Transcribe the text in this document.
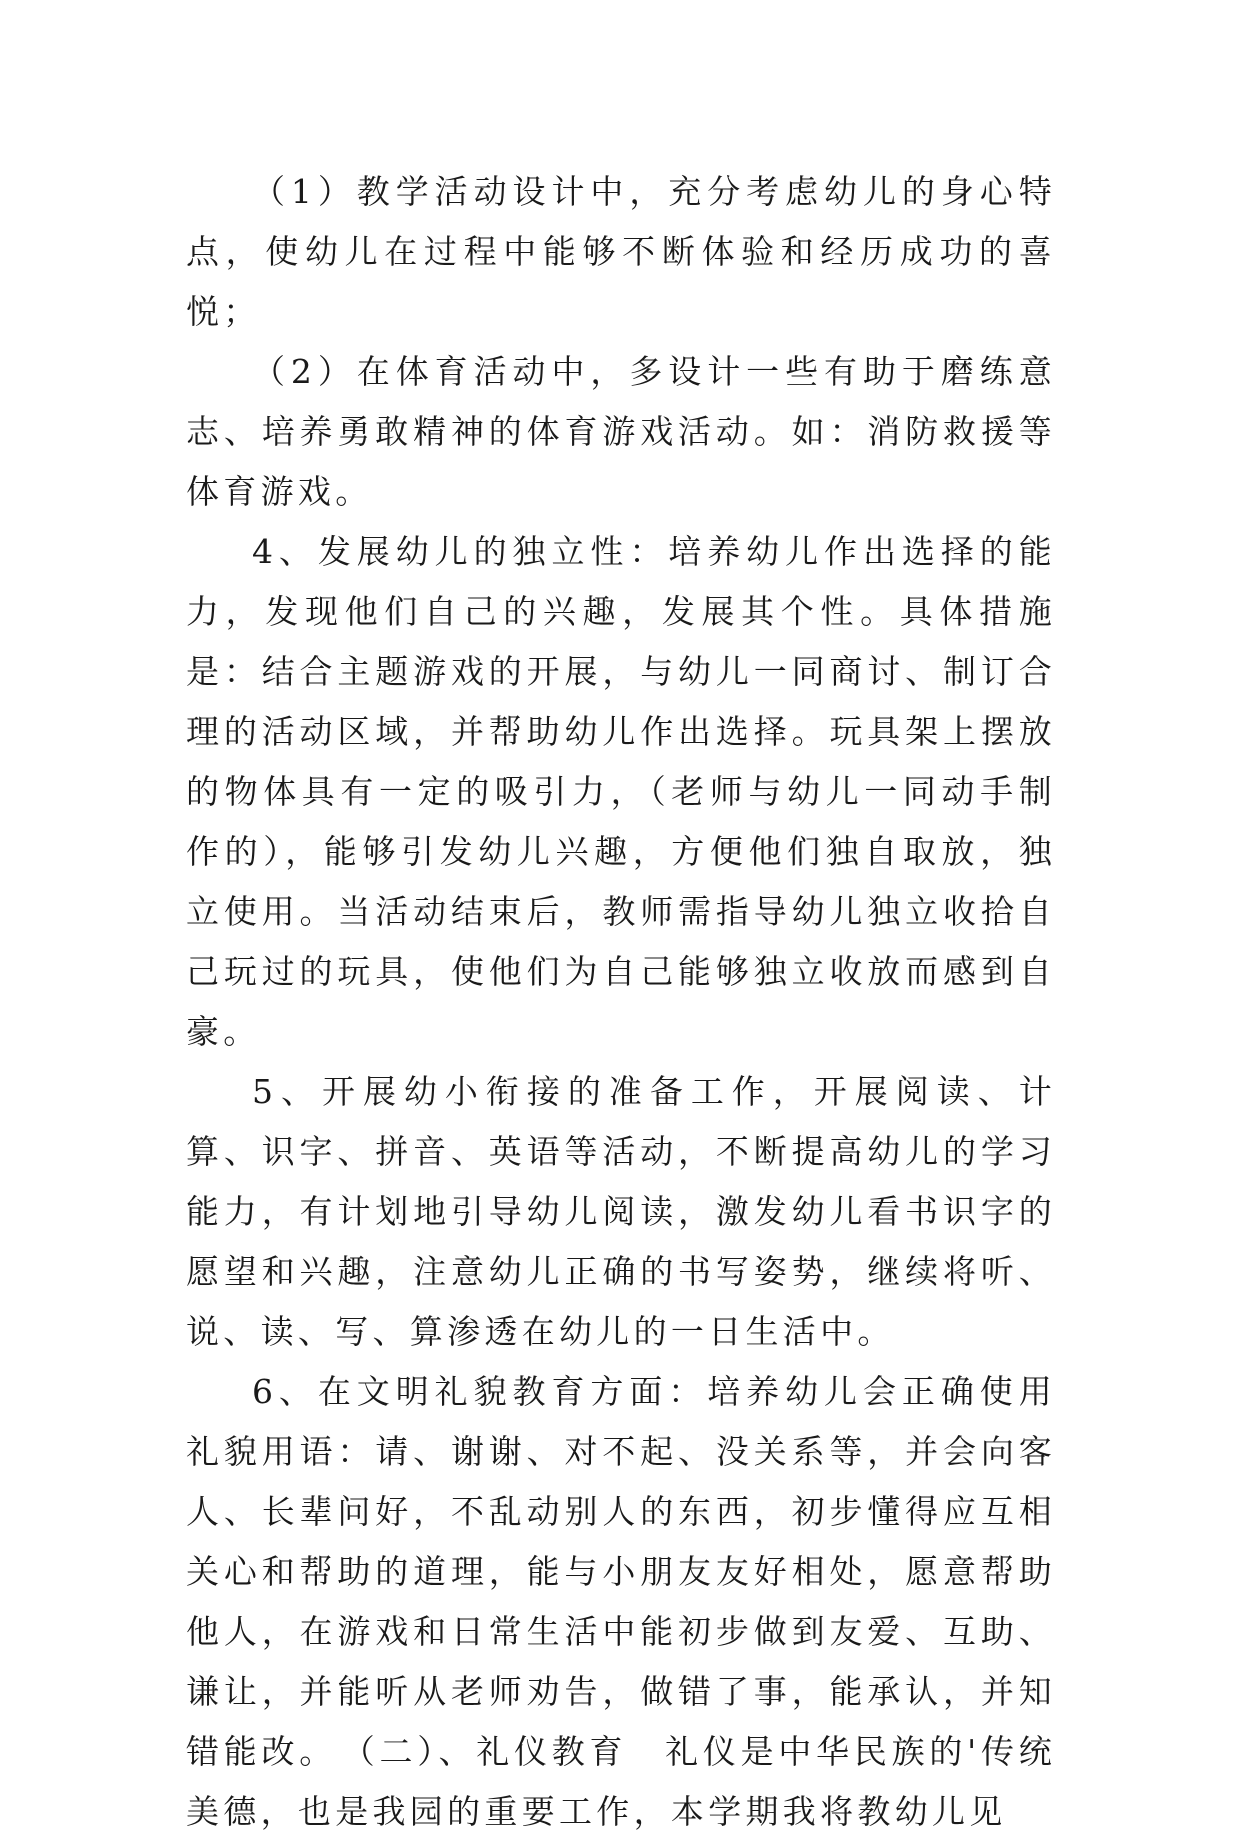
（1）教学活动设计中，充分考虑幼儿的身心特点，使幼儿在过程中能够不断体验和经历成功的喜悦；

（2）在体育活动中，多设计一些有助于磨练意志、培养勇敢精神的体育游戏活动。如：消防救援等体育游戏。

4、发展幼儿的独立性：培养幼儿作出选择的能力，发现他们自己的兴趣，发展其个性。具体措施是：结合主题游戏的开展，与幼儿一同商讨、制订合理的活动区域，并帮助幼儿作出选择。玩具架上摆放的物体具有一定的吸引力，（老师与幼儿一同动手制作的），能够引发幼儿兴趣，方便他们独自取放，独立使用。当活动结束后，教师需指导幼儿独立收拾自己玩过的玩具，使他们为自己能够独立收放而感到自豪。

5、开展幼小衔接的准备工作，开展阅读、计算、识字、拼音、英语等活动，不断提高幼儿的学习能力，有计划地引导幼儿阅读，激发幼儿看书识字的愿望和兴趣，注意幼儿正确的书写姿势，继续将听、说、读、写、算渗透在幼儿的一日生活中。

6、在文明礼貌教育方面：培养幼儿会正确使用礼貌用语：请、谢谢、对不起、没关系等，并会向客人、长辈问好，不乱动别人的东西，初步懂得应互相关心和帮助的道理，能与小朋友友好相处，愿意帮助他人，在游戏和日常生活中能初步做到友爱、互助、谦让，并能听从老师劝告，做错了事，能承认，并知错能改。　（二）、礼仪教育　礼仪是中华民族的'传统美德，也是我园的重要工作，本学期我将教幼儿见
